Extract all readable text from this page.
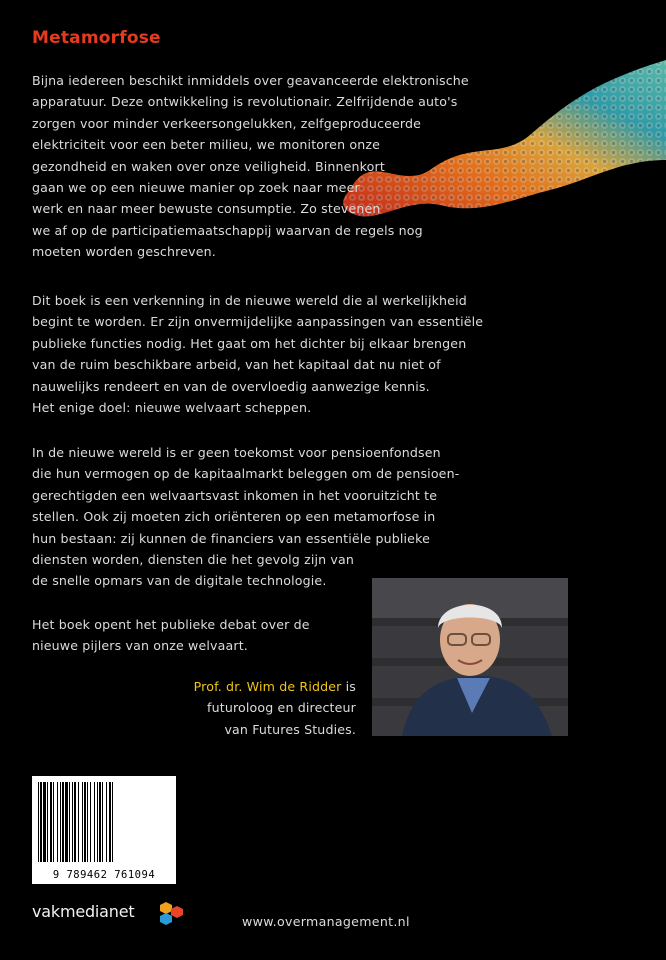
Metamorfose
Bijna iedereen beschikt inmiddels over geavanceerde elektronische
apparatuur. Deze ontwikkeling is revolutionair. Zelfrijdende auto's
zorgen voor minder verkeersongelukken, zelfgeproduceerde
elektriciteit voor een beter milieu, we monitoren onze
gezondheid en waken over onze veiligheid. Binnenkort
gaan we op een nieuwe manier op zoek naar meer
werk en naar meer bewuste consumptie. Zo stevenen
we af op de participatiemaatschappij waarvan de regels nog
moeten worden geschreven.
Dit boek is een verkenning in de nieuwe wereld die al werkelijkheid
begint te worden. Er zijn onvermijdelijke aanpassingen van essentiële
publieke functies nodig. Het gaat om het dichter bij elkaar brengen
van de ruim beschikbare arbeid, van het kapitaal dat nu niet of
nauwelijks rendeert en van de overvloedig aanwezige kennis.
Het enige doel: nieuwe welvaart scheppen.
In de nieuwe wereld is er geen toekomst voor pensioenfondsen
die hun vermogen op de kapitaalmarkt beleggen om de pensioen-
gerechtigden een welvaartsvast inkomen in het vooruitzicht te
stellen. Ook zij moeten zich oriënteren op een metamorfose in
hun bestaan: zij kunnen de financiers van essentiële publieke
diensten worden, diensten die het gevolg zijn van
de snelle opmars van de digitale technologie.
Het boek opent het publieke debat over de
nieuwe pijlers van onze welvaart.
Prof. dr. Wim de Ridder is
futuroloog en directeur
van Futures Studies.
9 789462 761094
vakmedianet
www.overmanagement.nl
